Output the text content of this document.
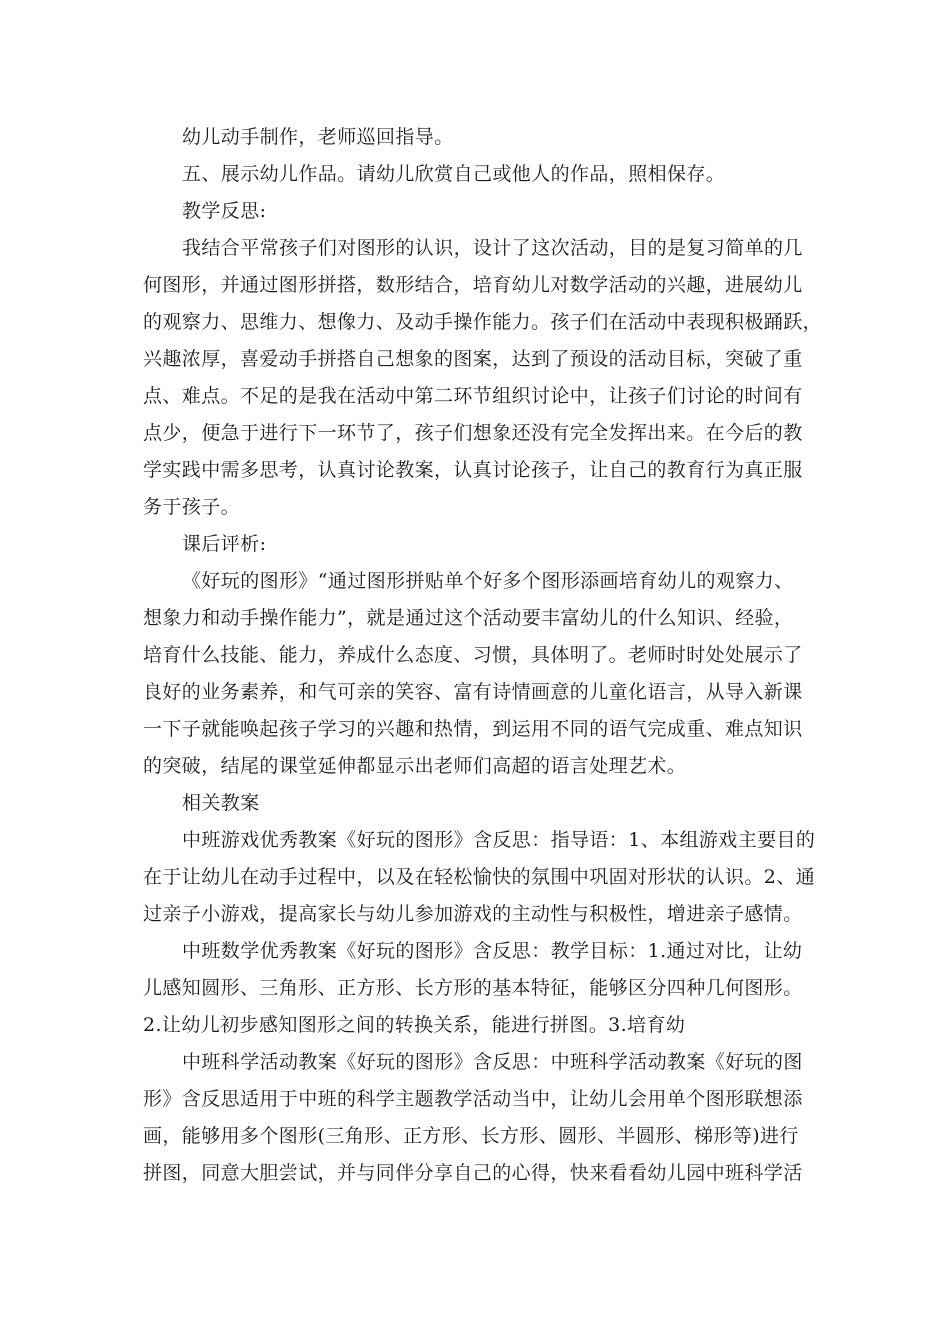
幼儿动手制作，老师巡回指导。
五、展示幼儿作品。请幼儿欣赏自己或他人的作品，照相保存。
教学反思:
我结合平常孩子们对图形的认识，设计了这次活动，目的是复习简单的几
何图形，并通过图形拼搭，数形结合，培育幼儿对数学活动的兴趣，进展幼儿
的观察力、思维力、想像力、及动手操作能力。孩子们在活动中表现积极踊跃，
兴趣浓厚，喜爱动手拼搭自己想象的图案，达到了预设的活动目标，突破了重
点、难点。不足的是我在活动中第二环节组织讨论中，让孩子们讨论的时间有
点少，便急于进行下一环节了，孩子们想象还没有完全发挥出来。在今后的教
学实践中需多思考，认真讨论教案，认真讨论孩子，让自己的教育行为真正服
务于孩子。
课后评析:
《好玩的图形》“通过图形拼贴单个好多个图形添画培育幼儿的观察力、
想象力和动手操作能力”，就是通过这个活动要丰富幼儿的什么知识、经验，
培育什么技能、能力，养成什么态度、习惯，具体明了。老师时时处处展示了
良好的业务素养，和气可亲的笑容、富有诗情画意的儿童化语言，从导入新课
一下子就能唤起孩子学习的兴趣和热情，到运用不同的语气完成重、难点知识
的突破，结尾的课堂延伸都显示出老师们高超的语言处理艺术。
相关教案
中班游戏优秀教案《好玩的图形》含反思：指导语：1、本组游戏主要目的
在于让幼儿在动手过程中，以及在轻松愉快的氛围中巩固对形状的认识。2、通
过亲子小游戏，提高家长与幼儿参加游戏的主动性与积极性，增进亲子感情。
中班数学优秀教案《好玩的图形》含反思：教学目标：1.通过对比，让幼
儿感知圆形、三角形、正方形、长方形的基本特征，能够区分四种几何图形。
2.让幼儿初步感知图形之间的转换关系，能进行拼图。3.培育幼
中班科学活动教案《好玩的图形》含反思：中班科学活动教案《好玩的图
形》含反思适用于中班的科学主题教学活动当中，让幼儿会用单个图形联想添
画，能够用多个图形(三角形、正方形、长方形、圆形、半圆形、梯形等)进行
拼图，同意大胆尝试，并与同伴分享自己的心得，快来看看幼儿园中班科学活
